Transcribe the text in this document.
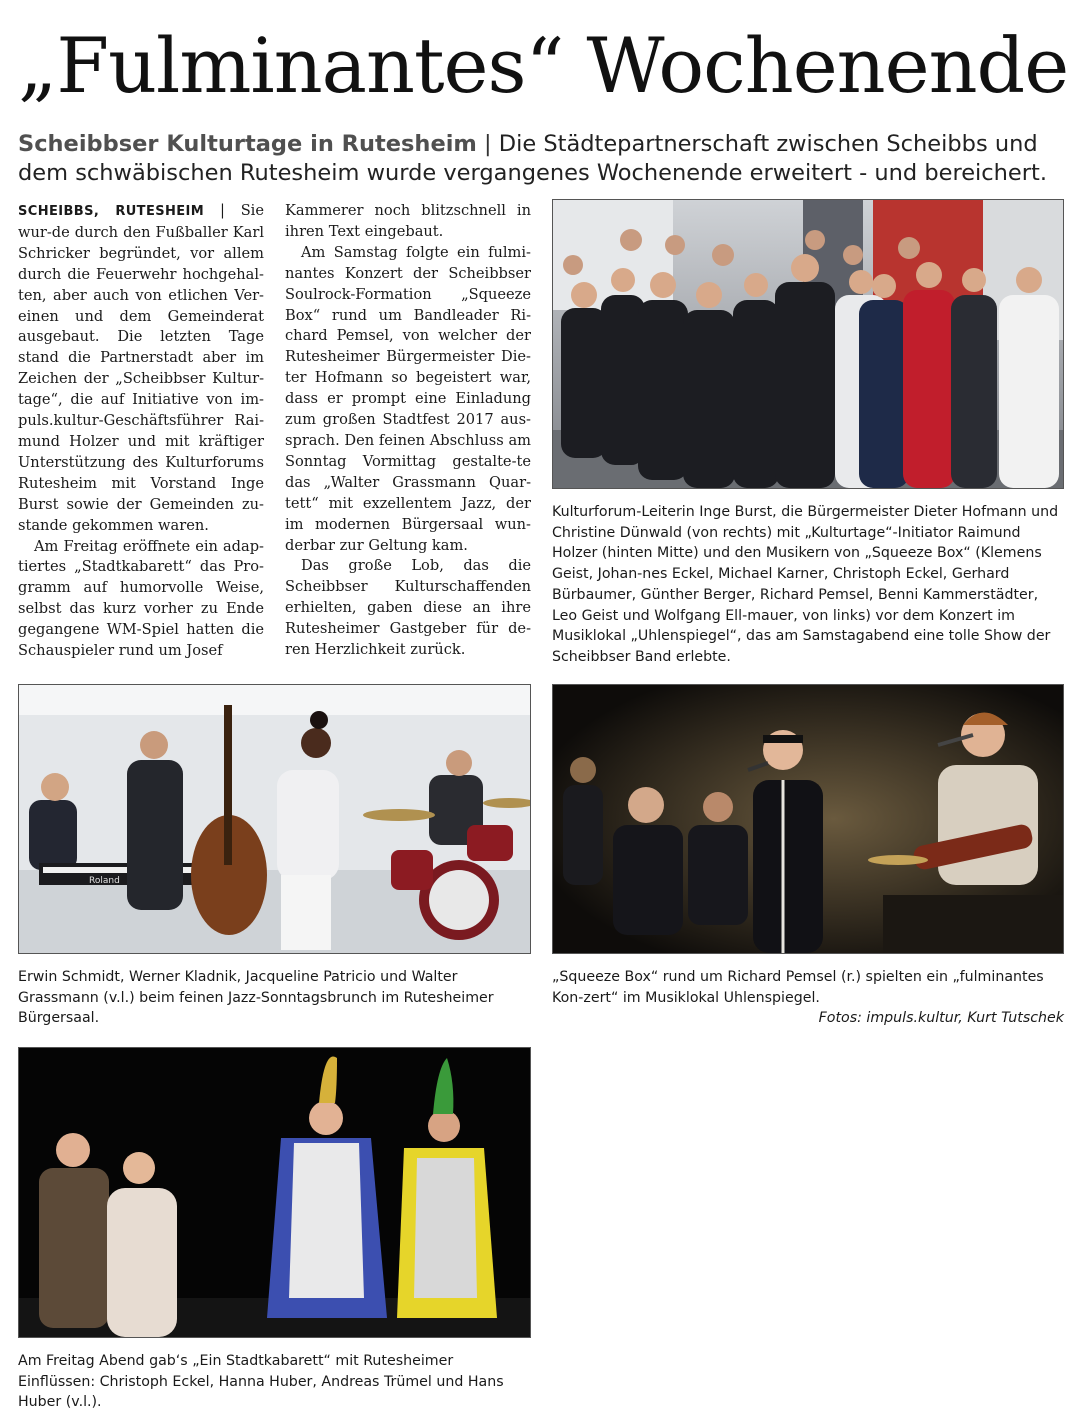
„Fulminantes“ Wochenende
Scheibbser Kulturtage in Rutesheim | Die Städtepartnerschaft zwischen Scheibbs und dem schwäbischen Rutesheim wurde vergangenes Wochenende erweitert - und bereichert.

SCHEIBBS, RUTESHEIM | Sie wur-de durch den Fußballer Karl Schricker begründet, vor allem durch die Feuerwehr hochgehal-ten, aber auch von etlichen Ver-einen und dem Gemeinderat ausgebaut. Die letzten Tage stand die Partnerstadt aber im Zeichen der „Scheibbser Kultur-tage“, die auf Initiative von im-puls.kultur-Geschäftsführer Rai-mund Holzer und mit kräftiger Unterstützung des Kulturforums Rutesheim mit Vorstand Inge Burst sowie der Gemeinden zu-stande gekommen waren.

Am Freitag eröffnete ein adap-tiertes „Stadtkabarett“ das Pro-gramm auf humorvolle Weise, selbst das kurz vorher zu Ende gegangene WM-Spiel hatten die Schauspieler rund um Josef

Kammerer noch blitzschnell in ihren Text eingebaut.

Am Samstag folgte ein fulmi-nantes Konzert der Scheibbser Soulrock-Formation „Squeeze Box“ rund um Bandleader Ri-chard Pemsel, von welcher der Rutesheimer Bürgermeister Die-ter Hofmann so begeistert war, dass er prompt eine Einladung zum großen Stadtfest 2017 aus-sprach. Den feinen Abschluss am Sonntag Vormittag gestalte-te das „Walter Grassmann Quar-tett“ mit exzellentem Jazz, der im modernen Bürgersaal wun-derbar zur Geltung kam.

Das große Lob, das die Scheibbser Kulturschaffenden erhielten, gaben diese an ihre Rutesheimer Gastgeber für de-ren Herzlichkeit zurück.

Kulturforum-Leiterin Inge Burst, die Bürgermeister Dieter Hofmann und Christine Dünwald (von rechts) mit „Kulturtage“-Initiator Raimund Holzer (hinten Mitte) und den Musikern von „Squeeze Box“ (Klemens Geist, Johan-nes Eckel, Michael Karner, Christoph Eckel, Gerhard Bürbaumer, Günther Berger, Richard Pemsel, Benni Kammerstädter, Leo Geist und Wolfgang Ell-mauer, von links) vor dem Konzert im Musiklokal „Uhlenspiegel“, das am Samstagabend eine tolle Show der Scheibbser Band erlebte.

Roland

Erwin Schmidt, Werner Kladnik, Jacqueline Patricio und Walter Grassmann (v.l.) beim feinen Jazz-Sonntagsbrunch im Rutesheimer Bürgersaal.

„Squeeze Box“ rund um Richard Pemsel (r.) spielten ein „fulminantes Kon-zert“ im Musiklokal Uhlenspiegel.
Fotos: impuls.kultur, Kurt Tutschek

Am Freitag Abend gab‘s „Ein Stadtkabarett“ mit Rutesheimer Einflüssen: Christoph Eckel, Hanna Huber, Andreas Trümel und Hans Huber (v.l.).
